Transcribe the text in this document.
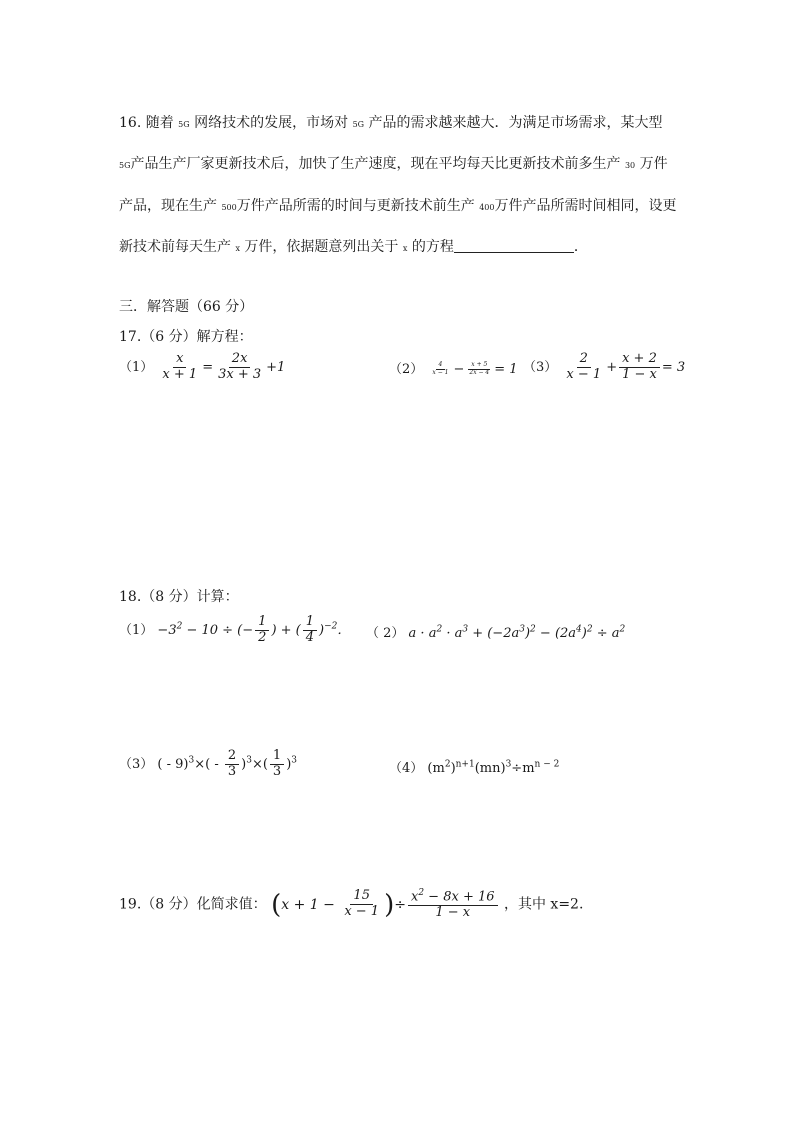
16. 随着 5G 网络技术的发展，市场对 5G 产品的需求越来越大．为满足市场需求，某大型
5G产品生产厂家更新技术后，加快了生产速度，现在平均每天比更新技术前多生产 30 万件
产品，现在生产 500万件产品所需的时间与更新技术前生产 400万件产品所需时间相同，设更
新技术前每天生产 x 万件，依据题意列出关于 x 的方程	．
三．解答题（66 分）
17.（6 分）解方程：
$(1) \frac{x}{x + 1} = \frac{2x}{3x + 3} +1$	$(2) \frac{4}{x - 1} - \frac{x + 5}{2x - 4} = 1$ $(3) \frac{2}{x - 1} + \frac{x + 2}{1 - x} = 3$
18.（8 分）计算：
$(1) -3^2 - 10$ ÷ (− $\frac{1}{2}$ ) + ( $\frac{1}{4} )^{-2}$． （ 2） $a \cdot a^2 \cdot a^3 + (-2a^3)^2 - (2a^4)^2 \div a^2$
（3） ( - $9)^3\times( - \frac{2}{3} )^3\times( \frac{1}{3} )^3$
（4） $(m^2)^{n+1}(mn)^3\div m^{n - 2}$
19.（8 分）化简求值： ($x + 1 - \frac{15}{x - 1}$ )÷ $\frac{x^2 - 8x + 16}{1 - x}$ ，其中 x=2.
